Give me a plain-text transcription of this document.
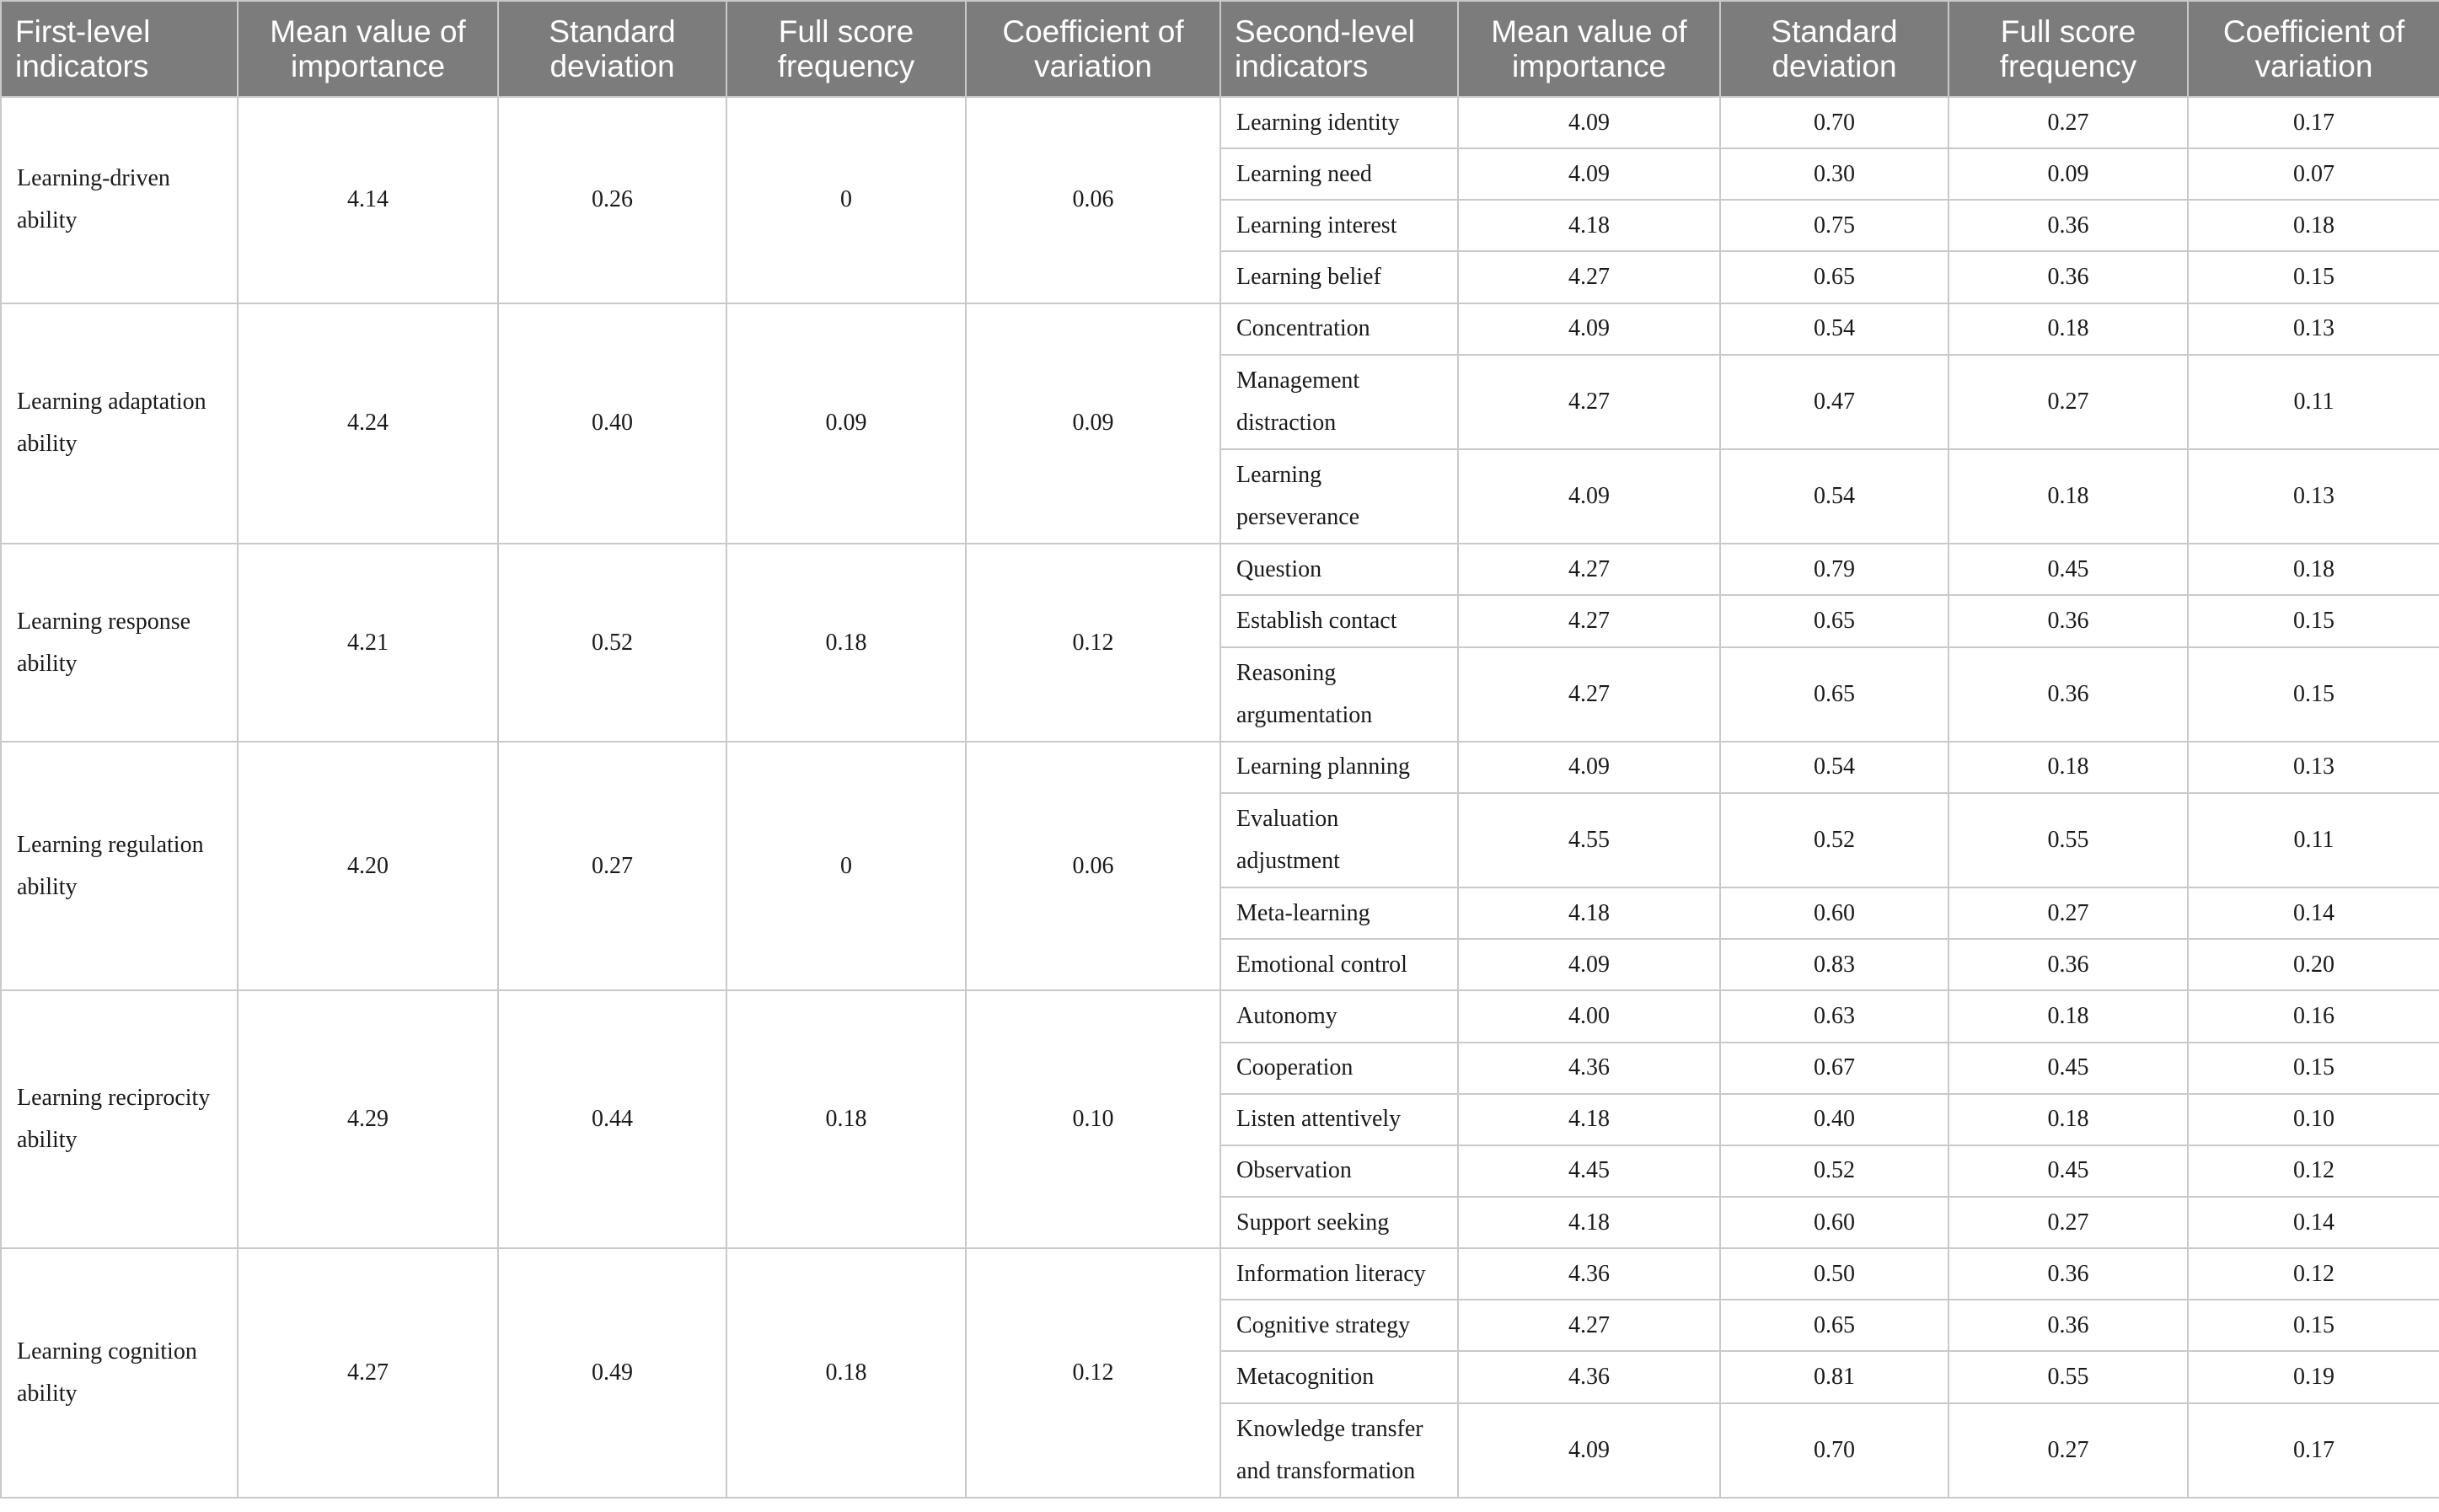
First-level indicators	Mean value of importance	Standard deviation	Full score frequency	Coefficient of variation	Second-level indicators	Mean value of importance	Standard deviation	Full score frequency	Coefficient of variation
Learning-driven ability	4.14	0.26	0	0.06	Learning identity	4.09	0.70	0.27	0.17
					Learning need	4.09	0.30	0.09	0.07
					Learning interest	4.18	0.75	0.36	0.18
					Learning belief	4.27	0.65	0.36	0.15
Learning adaptation ability	4.24	0.40	0.09	0.09	Concentration	4.09	0.54	0.18	0.13
					Management distraction	4.27	0.47	0.27	0.11
					Learning perseverance	4.09	0.54	0.18	0.13
Learning response ability	4.21	0.52	0.18	0.12	Question	4.27	0.79	0.45	0.18
					Establish contact	4.27	0.65	0.36	0.15
					Reasoning argumentation	4.27	0.65	0.36	0.15
Learning regulation ability	4.20	0.27	0	0.06	Learning planning	4.09	0.54	0.18	0.13
					Evaluation adjustment	4.55	0.52	0.55	0.11
					Meta-learning	4.18	0.60	0.27	0.14
					Emotional control	4.09	0.83	0.36	0.20
Learning reciprocity ability	4.29	0.44	0.18	0.10	Autonomy	4.00	0.63	0.18	0.16
					Cooperation	4.36	0.67	0.45	0.15
					Listen attentively	4.18	0.40	0.18	0.10
					Observation	4.45	0.52	0.45	0.12
					Support seeking	4.18	0.60	0.27	0.14
Learning cognition ability	4.27	0.49	0.18	0.12	Information literacy	4.36	0.50	0.36	0.12
					Cognitive strategy	4.27	0.65	0.36	0.15
					Metacognition	4.36	0.81	0.55	0.19
					Knowledge transfer and transformation	4.09	0.70	0.27	0.17
